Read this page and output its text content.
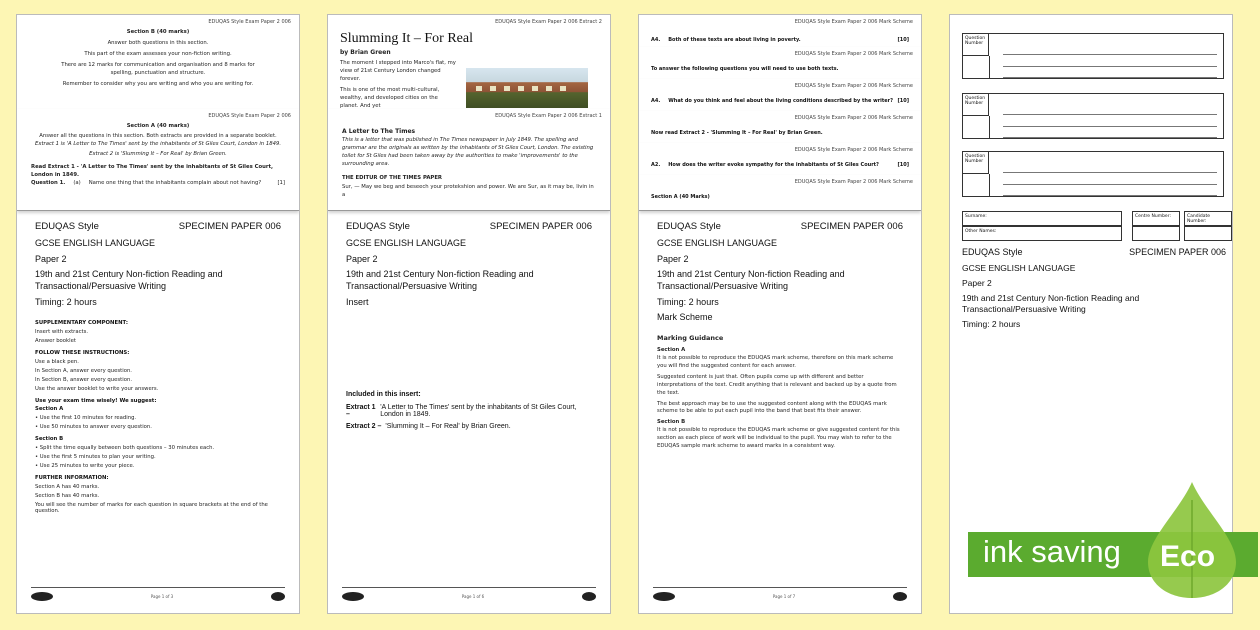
EDUQAS Style Exam Paper 2 006
Section B (40 marks)
Answer both questions in this section.
This part of the exam assesses your non-fiction writing.
There are 12 marks for communication and organisation and 8 marks for
spelling, punctuation and structure.
Remember to consider why you are writing and who you are writing for.
EDUQAS Style Exam Paper 2 006
Section A (40 marks)
Answer all the questions in this section. Both extracts are provided in a separate booklet.
Extract 1 is 'A Letter to The Times' sent by the inhabitants of St Giles Court, London in 1849.
Extract 2 is 'Slumming It – For Real' by Brian Green.
Read Extract 1 - 'A Letter to The Times' sent by the inhabitants of St Giles Court, London in 1849.
Question 1. (a) Name one thing that the inhabitants complain about not having?	[1]
EDUQAS Style	SPECIMEN PAPER 006
GCSE ENGLISH LANGUAGE
Paper 2
19th and 21st Century Non-fiction Reading and
Transactional/Persuasive Writing
Timing: 2 hours
SUPPLEMENTARY COMPONENT:
Insert with extracts.
Answer booklet
FOLLOW THESE INSTRUCTIONS:
Use a black pen.
In Section A, answer every question.
In Section B, answer every question.
Use the answer booklet to write your answers.
Use your exam time wisely! We suggest:
Section A
• Use the first 10 minutes for reading.
• Use 50 minutes to answer every question.
Section B
• Split the time equally between both questions – 30 minutes each.
• Use the first 5 minutes to plan your writing.
• Use 25 minutes to write your piece.
FURTHER INFORMATION:
Section A has 40 marks.
Section B has 40 marks.
You will see the number of marks for each question in square brackets at the end of the question.
Page 1 of 3
EDUQAS Style Exam Paper 2 006 Extract 2
Slumming It – For Real
by Brian Green
The moment I stepped into Marco's flat, my view of 21st Century London changed forever.
This is one of the most multi-cultural, wealthy, and developed cities on the planet. And yet
EDUQAS Style Exam Paper 2 006 Extract 1
A Letter to The Times
This is a letter that was published in The Times newspaper in July 1849. The spelling and grammar are the originals as written by the inhabitants of St Giles Court, London. The existing toilet for St Giles had been taken away by the authorities to make 'improvements' to the surrounding area.
THE EDITUR OF THE TIMES PAPER
Sur, — May we beg and beseech your protekshion and power. We are Sur, as it may be, livin in a
EDUQAS Style	SPECIMEN PAPER 006
GCSE ENGLISH LANGUAGE
Paper 2
19th and 21st Century Non-fiction Reading and
Transactional/Persuasive Writing
Insert
Included in this insert:
Extract 1 –
'A Letter to The Times' sent by the inhabitants of St Giles Court, London in 1849.
Extract 2 – 'Slumming It – For Real' by Brian Green.
Page 1 of 6
EDUQAS Style Exam Paper 2 006 Mark Scheme
A4. Both of these texts are about living in poverty.	[10]
EDUQAS Style Exam Paper 2 006 Mark Scheme
To answer the following questions you will need to use both texts.
EDUQAS Style Exam Paper 2 006 Mark Scheme
A4. What do you think and feel about the living conditions described by the writer? [10]
EDUQAS Style Exam Paper 2 006 Mark Scheme
Now read Extract 2 - 'Slumming It – For Real' by Brian Green.
EDUQAS Style Exam Paper 2 006 Mark Scheme
A2. How does the writer evoke sympathy for the inhabitants of St Giles Court?	[10]
EDUQAS Style Exam Paper 2 006 Mark Scheme
Section A (40 Marks)
EDUQAS Style	SPECIMEN PAPER 006
GCSE ENGLISH LANGUAGE
Paper 2
19th and 21st Century Non-fiction Reading and
Transactional/Persuasive Writing
Timing: 2 hours
Mark Scheme
Marking Guidance
Section A
It is not possible to reproduce the EDUQAS mark scheme, therefore on this mark scheme you will find the suggested content for each answer.
Suggested content is just that. Often pupils come up with different and better interpretations of the text. Credit anything that is relevant and backed up by a quote from the text.
The best approach may be to use the suggested content along with the EDUQAS mark scheme to be able to put each pupil into the band that best fits their answer.
Section B
It is not possible to reproduce the EDUQAS mark scheme or give suggested content for this section as each piece of work will be individual to the pupil. You may wish to refer to the EDUQAS sample mark scheme to award marks in a consistent way.
Page 1 of 7
Question Number
Question Number
Question Number
Surname:	Centre Number:	Candidate Number:
Other Names:
EDUQAS Style	SPECIMEN PAPER 006
GCSE ENGLISH LANGUAGE
Paper 2
19th and 21st Century Non-fiction Reading and
Transactional/Persuasive Writing
Timing: 2 hours
ink saving Eco
